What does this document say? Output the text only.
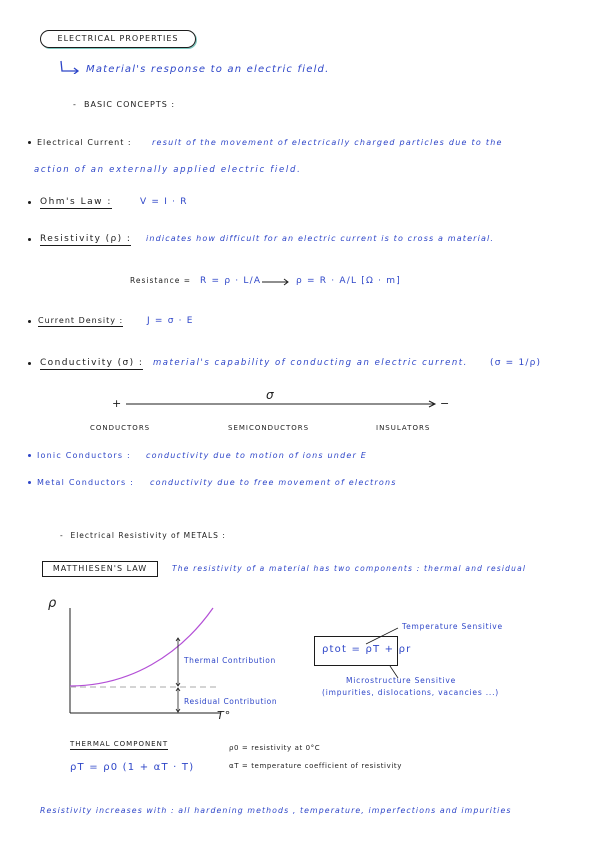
ELECTRICAL PROPERTIES
Material's response to an electric field.
-  BASIC CONCEPTS :
Electrical Current :	result of the movement of electrically charged particles due to the
action of an externally applied electric field.
Ohm's Law :	V = I · R
Resistivity (ρ) : indicates how difficult for an electric current is to cross a material.
Resistance = R = ρ · L/A	ρ = R · A/L [Ω · m]
Current Density :	J = σ · E
Conductivity (σ) : material's capability of conducting an electric current. (σ = 1/ρ)
σ
+	−
CONDUCTORS	SEMICONDUCTORS	INSULATORS
Ionic Conductors : conductivity due to motion of ions under E
Metal Conductors : conductivity due to free movement of electrons
-  Electrical Resistivity of METALS :
MATTHIESEN'S LAW	The resistivity of a material has two components : thermal and residual
ρ
Thermal Contribution
Residual Contribution
T°
ρtot = ρT + ρr
Temperature Sensitive
Microstructure Sensitive
(impurities, dislocations, vacancies ...)
THERMAL COMPONENT
ρT = ρ0 (1 + αT · T)
ρ0 = resistivity at 0°C
αT = temperature coefficient of resistivity
Resistivity increases with : all hardening methods , temperature, imperfections and impurities
